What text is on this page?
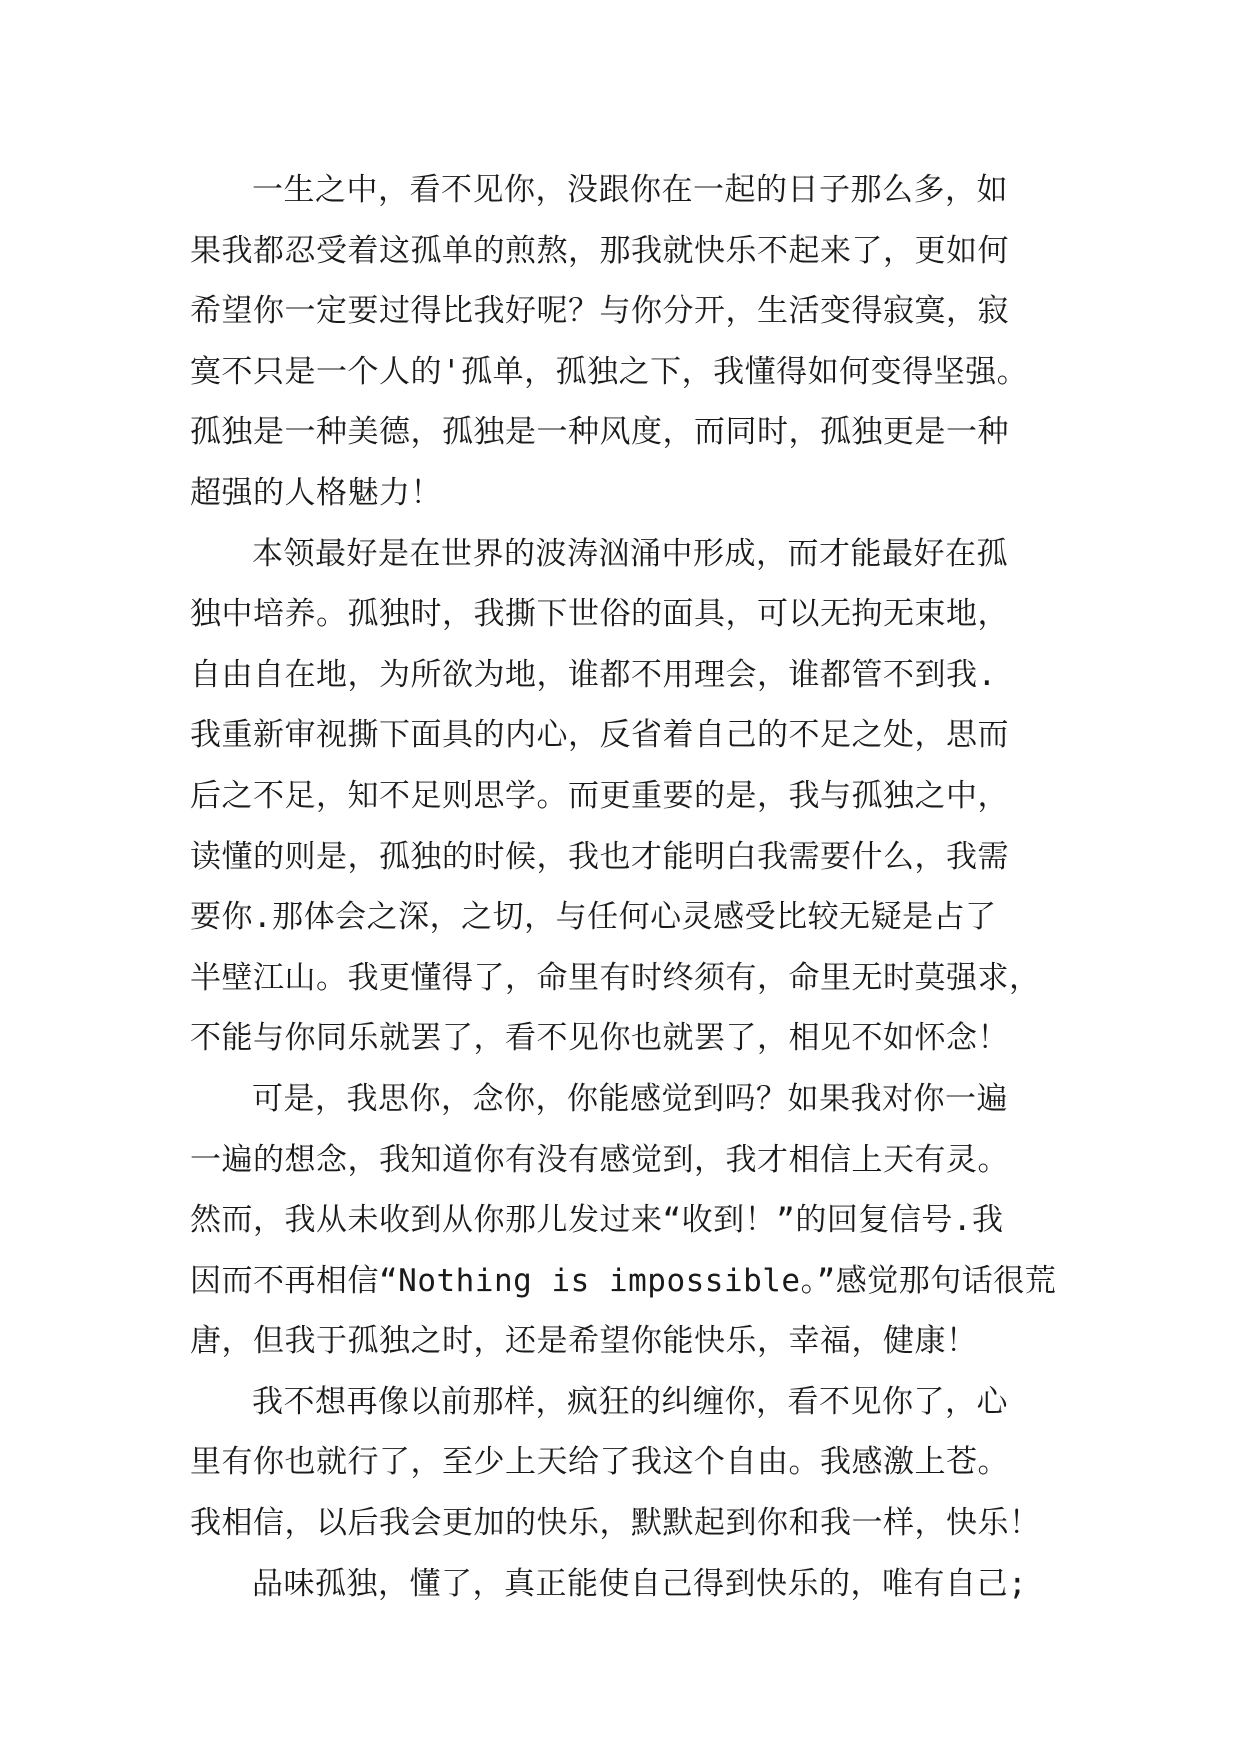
一生之中，看不见你，没跟你在一起的日子那么多，如
果我都忍受着这孤单的煎熬，那我就快乐不起来了，更如何
希望你一定要过得比我好呢？与你分开，生活变得寂寞，寂
寞不只是一个人的'孤单，孤独之下，我懂得如何变得坚强。
孤独是一种美德，孤独是一种风度，而同时，孤独更是一种
超强的人格魅力！
本领最好是在世界的波涛汹涌中形成，而才能最好在孤
独中培养。孤独时，我撕下世俗的面具，可以无拘无束地，
自由自在地，为所欲为地，谁都不用理会，谁都管不到我.
我重新审视撕下面具的内心，反省着自己的不足之处，思而
后之不足，知不足则思学。而更重要的是，我与孤独之中，
读懂的则是，孤独的时候，我也才能明白我需要什么，我需
要你.那体会之深，之切，与任何心灵感受比较无疑是占了
半壁江山。我更懂得了，命里有时终须有，命里无时莫强求，
不能与你同乐就罢了，看不见你也就罢了，相见不如怀念！
可是，我思你，念你，你能感觉到吗？如果我对你一遍
一遍的想念，我知道你有没有感觉到，我才相信上天有灵。
然而，我从未收到从你那儿发过来“收到！”的回复信号.我
因而不再相信“Nothing is impossible。”感觉那句话很荒
唐，但我于孤独之时，还是希望你能快乐，幸福，健康！
我不想再像以前那样，疯狂的纠缠你，看不见你了，心
里有你也就行了，至少上天给了我这个自由。我感激上苍。
我相信，以后我会更加的快乐，默默起到你和我一样，快乐！
品味孤独，懂了，真正能使自己得到快乐的，唯有自己;
